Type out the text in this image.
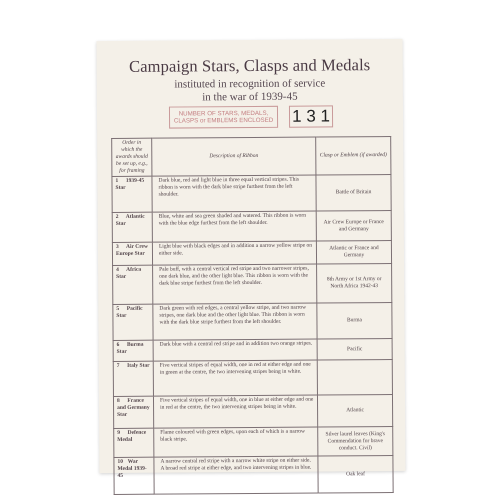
Campaign Stars, Clasps and Medals
instituted in recognition of service
in the war of 1939-45
NUMBER OF STARS, MEDALS, CLASPS or EMBLEMS ENCLOSED 1 3 1
Order in which the awards should be set up, e.g., for framing	Description of Ribbon	Clasp or Emblem (if awarded)
1 1939-45 Star	Dark blue, red and light blue in three equal vertical stripes. This ribbon is worn with the dark blue stripe furthest from the left shoulder.	Battle of Britain
2 Atlantic Star	Blue, white and sea green shaded and watered. This ribbon is worn with the blue edge furthest from the left shoulder.	Air Crew Europe or France and Germany
3 Air Crew Europe Star	Light blue with black edges and in addition a narrow yellow stripe on either side.	Atlantic or France and Germany
4 Africa Star	Pale buff, with a central vertical red stripe and two narrower stripes, one dark blue, and the other light blue. This ribbon is worn with the dark blue stripe furthest from the left shoulder.	8th Army or 1st Army or North Africa 1942-43
5 Pacific Star	Dark green with red edges, a central yellow stripe, and two narrow stripes, one dark blue and the other light blue. This ribbon is worn with the dark blue stripe furthest from the left shoulder.	Burma
6 Burma Star	Dark blue with a central red stripe and in addition two orange stripes.	Pacific
7 Italy Star	Five vertical stripes of equal width, one in red at either edge and one in green at the centre, the two intervening stripes being in white.	

8 France and Germany Star	Five vertical stripes of equal width, one in blue at either edge and one in red at the centre, the two intervening stripes being in white.	Atlantic
9 Defence Medal	Flame coloured with green edges, upon each of which is a narrow black stripe.	Silver laurel leaves (King's Commendation for brave conduct. Civil)
10 War Medal 1939-45	A narrow central red stripe with a narrow white stripe on either side. A broad red stripe at either edge, and two intervening stripes in blue.	Oak leaf
